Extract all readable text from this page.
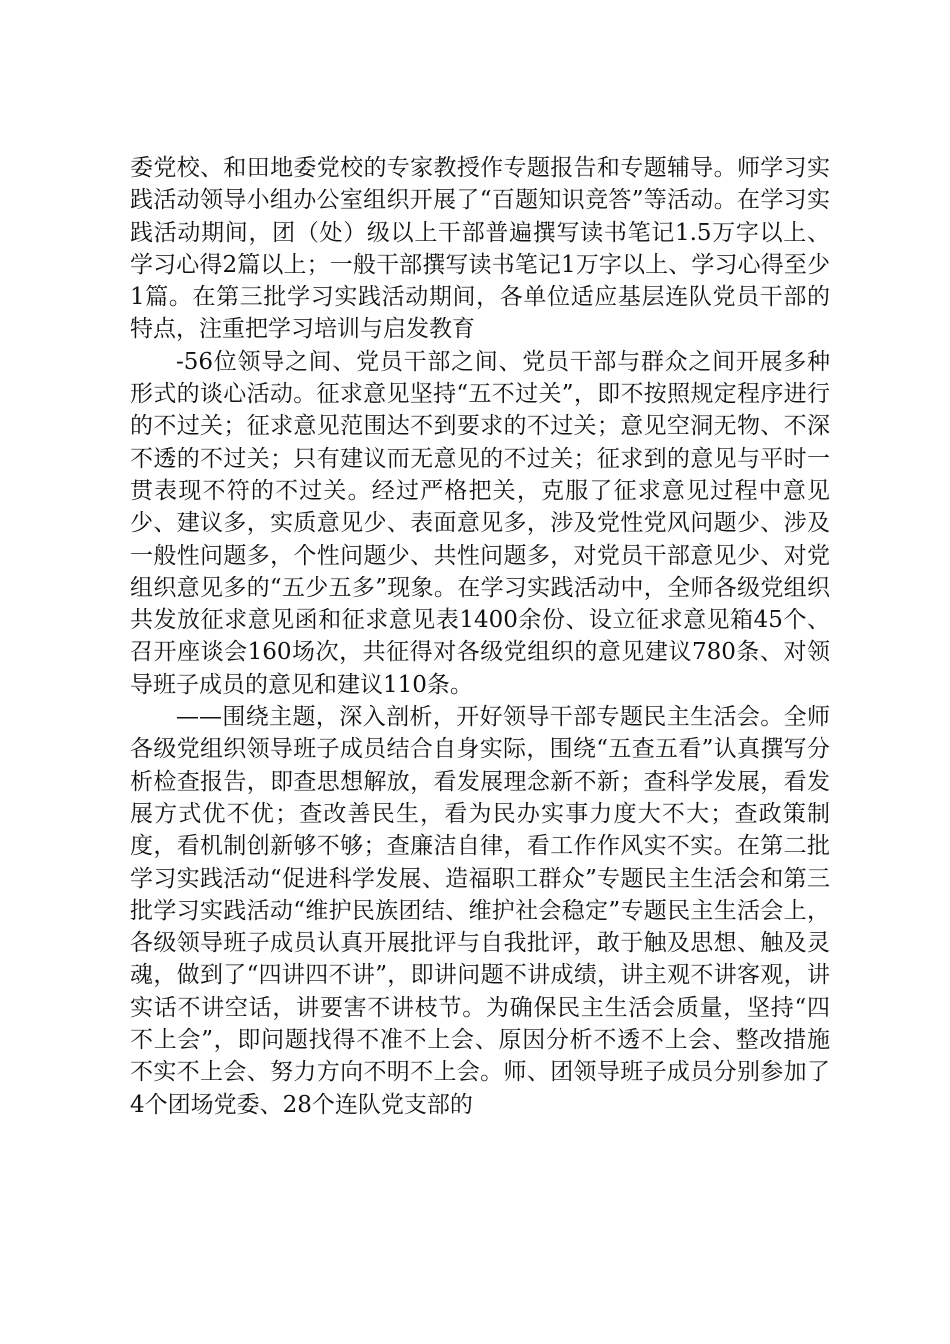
委党校、和田地委党校的专家教授作专题报告和专题辅导。师学习实践活动领导小组办公室组织开展了“百题知识竞答”等活动。在学习实践活动期间，团（处）级以上干部普遍撰写读书笔记1.5万字以上、学习心得2篇以上；一般干部撰写读书笔记1万字以上、学习心得至少1篇。在第三批学习实践活动期间，各单位适应基层连队党员干部的特点，注重把学习培训与启发教育

-56位领导之间、党员干部之间、党员干部与群众之间开展多种形式的谈心活动。征求意见坚持“五不过关”，即不按照规定程序进行的不过关；征求意见范围达不到要求的不过关；意见空洞无物、不深不透的不过关；只有建议而无意见的不过关；征求到的意见与平时一贯表现不符的不过关。经过严格把关，克服了征求意见过程中意见少、建议多，实质意见少、表面意见多，涉及党性党风问题少、涉及一般性问题多，个性问题少、共性问题多，对党员干部意见少、对党组织意见多的“五少五多”现象。在学习实践活动中，全师各级党组织共发放征求意见函和征求意见表1400余份、设立征求意见箱45个、召开座谈会160场次，共征得对各级党组织的意见建议780条、对领导班子成员的意见和建议110条。

——围绕主题，深入剖析，开好领导干部专题民主生活会。全师各级党组织领导班子成员结合自身实际，围绕“五查五看”认真撰写分析检查报告，即查思想解放，看发展理念新不新；查科学发展，看发展方式优不优；查改善民生，看为民办实事力度大不大；查政策制度，看机制创新够不够；查廉洁自律，看工作作风实不实。在第二批学习实践活动“促进科学发展、造福职工群众”专题民主生活会和第三批学习实践活动“维护民族团结、维护社会稳定”专题民主生活会上，各级领导班子成员认真开展批评与自我批评，敢于触及思想、触及灵魂，做到了“四讲四不讲”，即讲问题不讲成绩，讲主观不讲客观，讲实话不讲空话，讲要害不讲枝节。为确保民主生活会质量，坚持“四不上会”，即问题找得不准不上会、原因分析不透不上会、整改措施不实不上会、努力方向不明不上会。师、团领导班子成员分别参加了4个团场党委、28个连队党支部的
